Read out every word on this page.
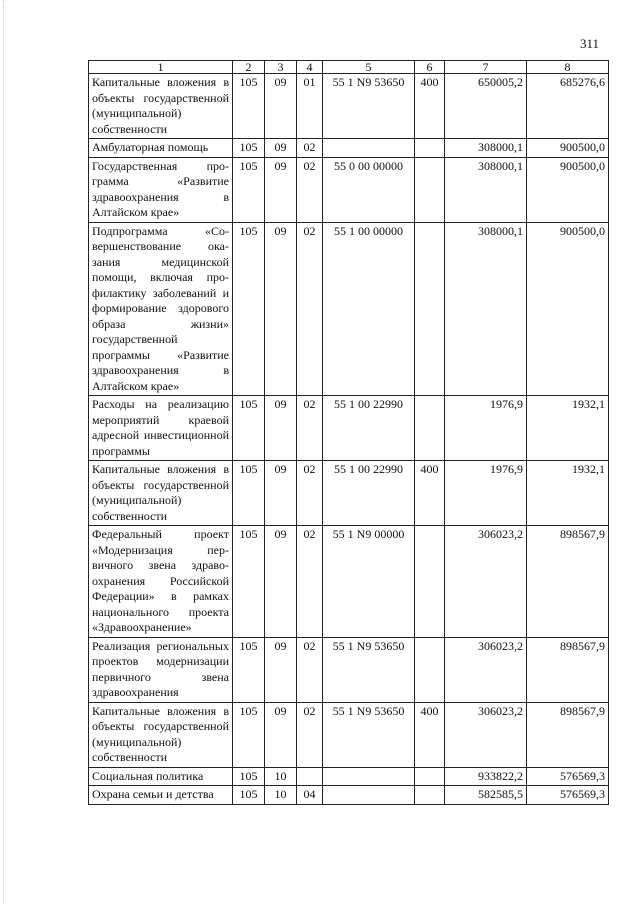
311
1	2	3	4	5	6	7	8
Капитальные вложения в объекты государственной (муниципальной) собственности	105	09	01	55 1 N9 53650	400	650005,2	685276,6
Амбулаторная помощь	105	09	02			308000,1	900500,0
Государственная программа «Развитие здравоохранения в Алтайском крае»	105	09	02	55 0 00 00000		308000,1	900500,0
Подпрограмма «Совершенствование оказания медицинской помощи, включая профилактику заболеваний и формирование здорового образа жизни» государственной программы «Развитие здравоохранения в Алтайском крае»	105	09	02	55 1 00 00000		308000,1	900500,0
Расходы на реализацию мероприятий краевой адресной инвестиционной программы	105	09	02	55 1 00 22990		1976,9	1932,1
Капитальные вложения в объекты государственной (муниципальной) собственности	105	09	02	55 1 00 22990	400	1976,9	1932,1
Федеральный проект «Модернизация первичного звена здравоохранения Российской Федерации» в рамках национального проекта «Здравоохранение»	105	09	02	55 1 N9 00000		306023,2	898567,9
Реализация региональных проектов модернизации первичного звена здравоохранения	105	09	02	55 1 N9 53650		306023,2	898567,9
Капитальные вложения в объекты государственной (муниципальной) собственности	105	09	02	55 1 N9 53650	400	306023,2	898567,9
Социальная политика	105	10				933822,2	576569,3
Охрана семьи и детства	105	10	04			582585,5	576569,3
